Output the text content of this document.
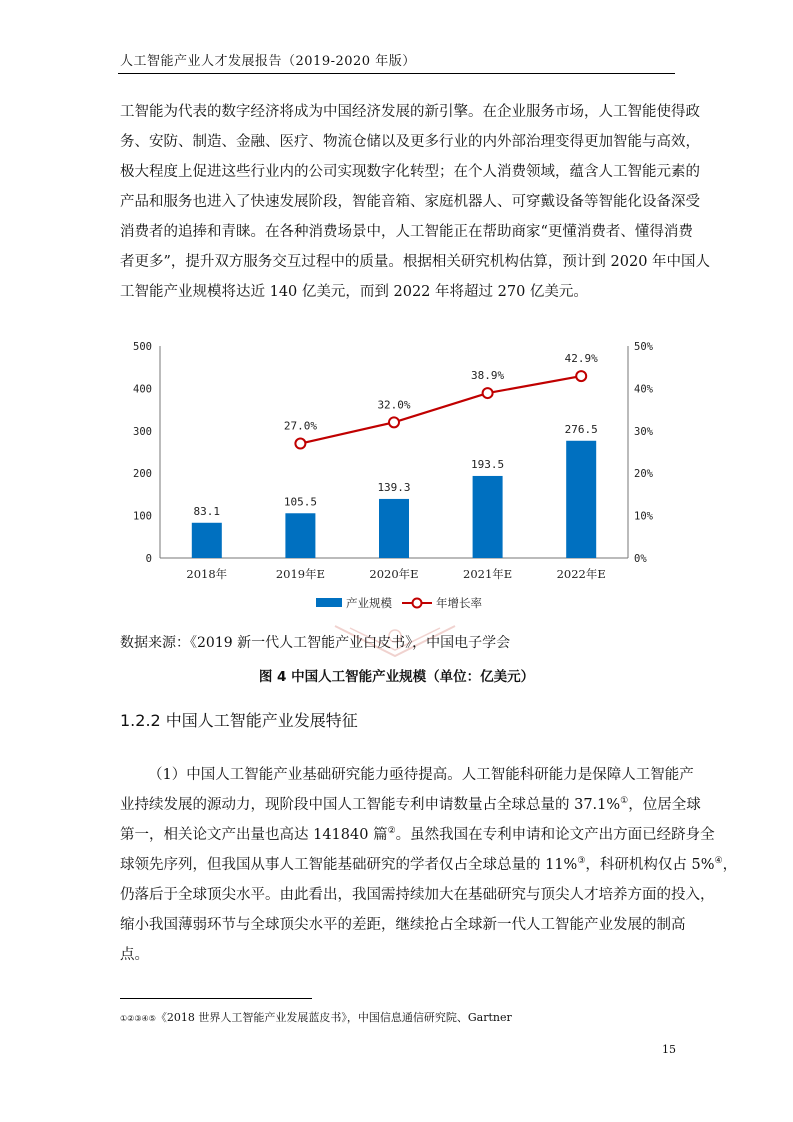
人工智能产业人才发展报告（2019-2020 年版）
工智能为代表的数字经济将成为中国经济发展的新引擎。在企业服务市场，人工智能使得政
务、安防、制造、金融、医疗、物流仓储以及更多行业的内外部治理变得更加智能与高效，
极大程度上促进这些行业内的公司实现数字化转型；在个人消费领域，蕴含人工智能元素的
产品和服务也进入了快速发展阶段，智能音箱、家庭机器人、可穿戴设备等智能化设备深受
消费者的追捧和青睐。在各种消费场景中，人工智能正在帮助商家“更懂消费者、懂得消费
者更多”，提升双方服务交互过程中的质量。根据相关研究机构估算，预计到 2020 年中国人
工智能产业规模将达近 140 亿美元，而到 2022 年将超过 270 亿美元。
0
100
200
300
400
500
0%
10%
20%
30%
40%
50%
83.1
105.5
139.3
193.5
276.5
2018年	2019年E	2020年E	2021年E	2022年E
27.0%
32.0%
38.9%
42.9%
产业规模	年增长率
数据来源：《2019 新一代人工智能产业白皮书》，中国电子学会
图 4 中国人工智能产业规模（单位：亿美元）
1.2.2 中国人工智能产业发展特征
（1）中国人工智能产业基础研究能力亟待提高。人工智能科研能力是保障人工智能产
业持续发展的源动力，现阶段中国人工智能专利申请数量占全球总量的 37.1%①，位居全球
第一，相关论文产出量也高达 141840 篇②。虽然我国在专利申请和论文产出方面已经跻身全
球领先序列，但我国从事人工智能基础研究的学者仅占全球总量的 11%③，科研机构仅占 5%④，
仍落后于全球顶尖水平。由此看出，我国需持续加大在基础研究与顶尖人才培养方面的投入，
缩小我国薄弱环节与全球顶尖水平的差距，继续抢占全球新一代人工智能产业发展的制高
点。
①②③④⑤《2018 世界人工智能产业发展蓝皮书》，中国信息通信研究院、Gartner
15
